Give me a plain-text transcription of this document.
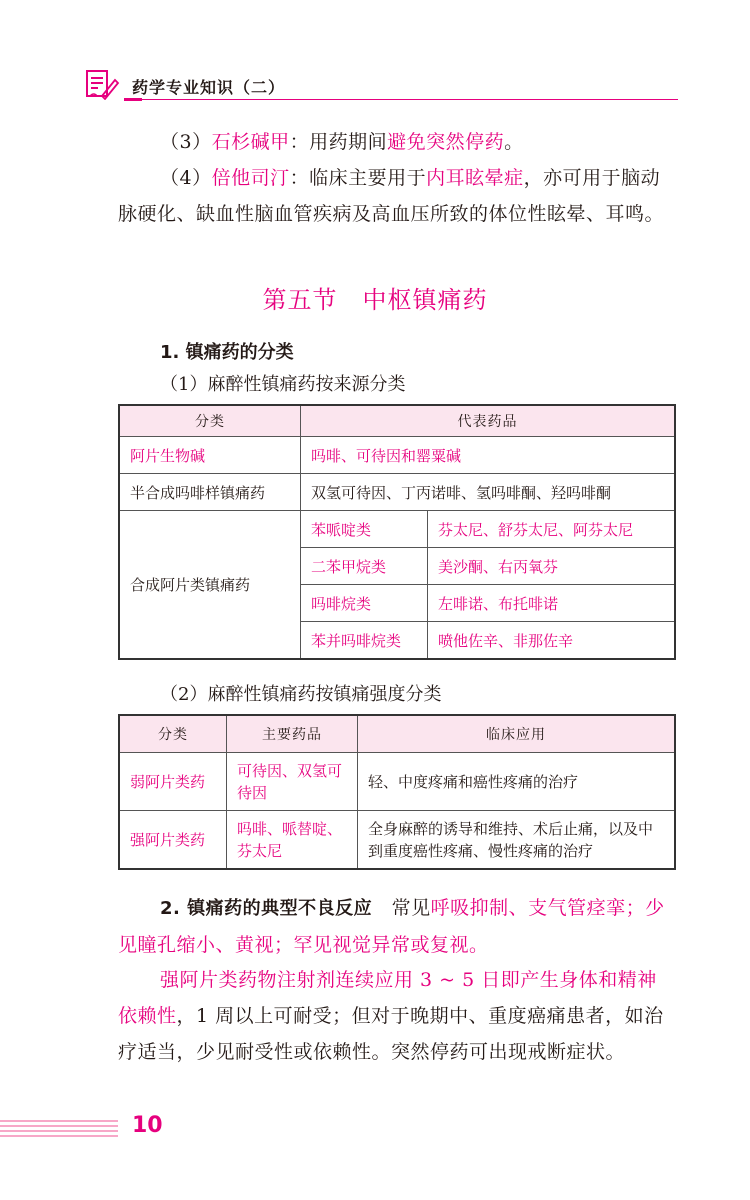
药学专业知识（二）
（3）石杉碱甲：用药期间避免突然停药。
（4）倍他司汀：临床主要用于内耳眩晕症，亦可用于脑动脉硬化、缺血性脑血管疾病及高血压所致的体位性眩晕、耳鸣。
第五节　中枢镇痛药
1. 镇痛药的分类
（1）麻醉性镇痛药按来源分类
分类	代表药品	
阿片生物碱	吗啡、可待因和罂粟碱	
半合成吗啡样镇痛药	双氢可待因、丁丙诺啡、氢吗啡酮、羟吗啡酮	
合成阿片类镇痛药	苯哌啶类	芬太尼、舒芬太尼、阿芬太尼
	二苯甲烷类	美沙酮、右丙氧芬
	吗啡烷类	左啡诺、布托啡诺
	苯并吗啡烷类	喷他佐辛、非那佐辛
（2）麻醉性镇痛药按镇痛强度分类
分类	主要药品	临床应用
弱阿片类药	可待因、双氢可待因	轻、中度疼痛和癌性疼痛的治疗
强阿片类药	吗啡、哌替啶、芬太尼	全身麻醉的诱导和维持、术后止痛，以及中到重度癌性疼痛、慢性疼痛的治疗
2. 镇痛药的典型不良反应　常见呼吸抑制、支气管痉挛；少见瞳孔缩小、黄视；罕见视觉异常或复视。
强阿片类药物注射剂连续应用 3 ~ 5 日即产生身体和精神依赖性，1 周以上可耐受；但对于晚期中、重度癌痛患者，如治疗适当，少见耐受性或依赖性。突然停药可出现戒断症状。
10
